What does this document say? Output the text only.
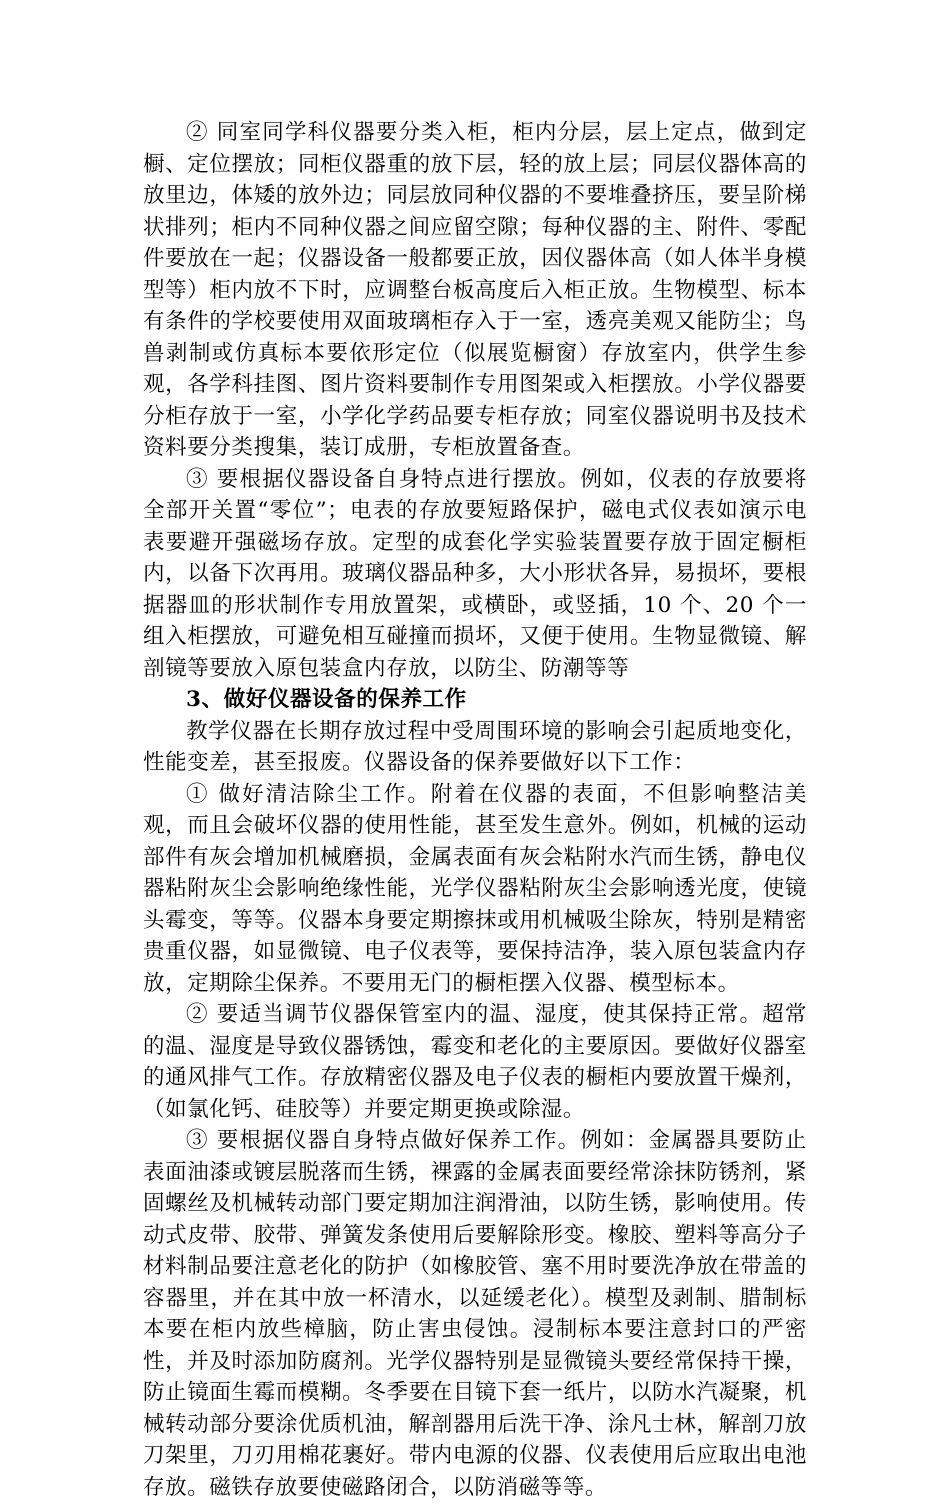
② 同室同学科仪器要分类入柜，柜内分层，层上定点，做到定橱、定位摆放；同柜仪器重的放下层，轻的放上层；同层仪器体高的放里边，体矮的放外边；同层放同种仪器的不要堆叠挤压，要呈阶梯状排列；柜内不同种仪器之间应留空隙；每种仪器的主、附件、零配件要放在一起；仪器设备一般都要正放，因仪器体高（如人体半身模型等）柜内放不下时，应调整台板高度后入柜正放。生物模型、标本有条件的学校要使用双面玻璃柜存入于一室，透亮美观又能防尘；鸟兽剥制或仿真标本要依形定位（似展览橱窗）存放室内，供学生参观，各学科挂图、图片资料要制作专用图架或入柜摆放。小学仪器要分柜存放于一室，小学化学药品要专柜存放；同室仪器说明书及技术资料要分类搜集，装订成册，专柜放置备查。

③ 要根据仪器设备自身特点进行摆放。例如，仪表的存放要将全部开关置“零位”；电表的存放要短路保护，磁电式仪表如演示电表要避开强磁场存放。定型的成套化学实验装置要存放于固定橱柜内，以备下次再用。玻璃仪器品种多，大小形状各异，易损坏，要根据器皿的形状制作专用放置架，或横卧，或竖插，10 个、20 个一组入柜摆放，可避免相互碰撞而损坏，又便于使用。生物显微镜、解剖镜等要放入原包装盒内存放，以防尘、防潮等等

3、做好仪器设备的保养工作

教学仪器在长期存放过程中受周围环境的影响会引起质地变化，性能变差，甚至报废。仪器设备的保养要做好以下工作：

① 做好清洁除尘工作。附着在仪器的表面，不但影响整洁美观，而且会破坏仪器的使用性能，甚至发生意外。例如，机械的运动部件有灰会增加机械磨损，金属表面有灰会粘附水汽而生锈，静电仪器粘附灰尘会影响绝缘性能，光学仪器粘附灰尘会影响透光度，使镜头霉变，等等。仪器本身要定期擦抹或用机械吸尘除灰，特别是精密贵重仪器，如显微镜、电子仪表等，要保持洁净，装入原包装盒内存放，定期除尘保养。不要用无门的橱柜摆入仪器、模型标本。

② 要适当调节仪器保管室内的温、湿度，使其保持正常。超常的温、湿度是导致仪器锈蚀，霉变和老化的主要原因。要做好仪器室的通风排气工作。存放精密仪器及电子仪表的橱柜内要放置干燥剂，（如氯化钙、硅胶等）并要定期更换或除湿。

③ 要根据仪器自身特点做好保养工作。例如：金属器具要防止表面油漆或镀层脱落而生锈，裸露的金属表面要经常涂抹防锈剂，紧固螺丝及机械转动部门要定期加注润滑油，以防生锈，影响使用。传动式皮带、胶带、弹簧发条使用后要解除形变。橡胶、塑料等高分子材料制品要注意老化的防护（如橡胶管、塞不用时要洗净放在带盖的容器里，并在其中放一杯清水，以延缓老化）。模型及剥制、腊制标本要在柜内放些樟脑，防止害虫侵蚀。浸制标本要注意封口的严密性，并及时添加防腐剂。光学仪器特别是显微镜头要经常保持干操，防止镜面生霉而模糊。冬季要在目镜下套一纸片，以防水汽凝聚，机械转动部分要涂优质机油，解剖器用后洗干净、涂凡士林，解剖刀放刀架里，刀刃用棉花裹好。带内电源的仪器、仪表使用后应取出电池存放。磁铁存放要使磁路闭合，以防消磁等等。
